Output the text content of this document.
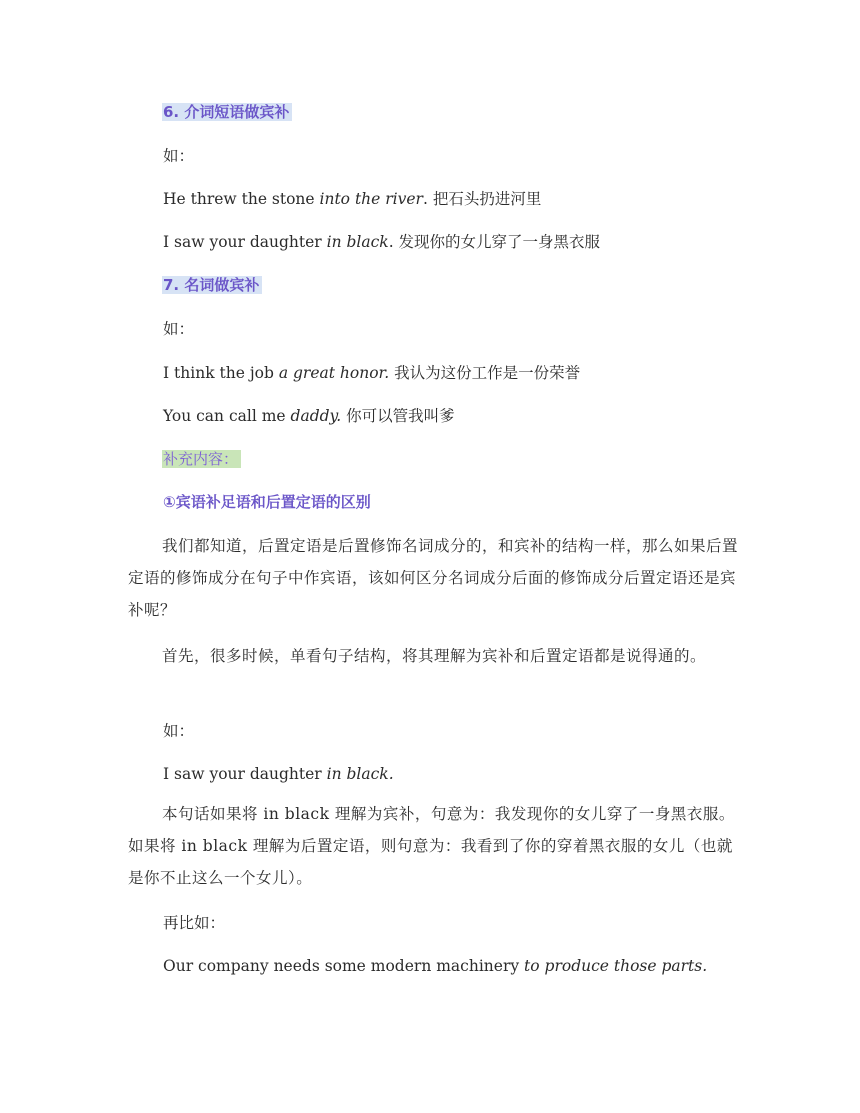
6. 介词短语做宾补
如：
He threw the stone into the river. 把石头扔进河里
I saw your daughter in black. 发现你的女儿穿了一身黑衣服
7. 名词做宾补
如：
I think the job a great honor. 我认为这份工作是一份荣誉
You can call me daddy. 你可以管我叫爹
补充内容：
①宾语补足语和后置定语的区别
我们都知道，后置定语是后置修饰名词成分的，和宾补的结构一样，那么如果后置定语的修饰成分在句子中作宾语，该如何区分名词成分后面的修饰成分后置定语还是宾补呢？
首先，很多时候，单看句子结构，将其理解为宾补和后置定语都是说得通的。
如：
I saw your daughter in black.
本句话如果将 in black 理解为宾补，句意为：我发现你的女儿穿了一身黑衣服。如果将 in black 理解为后置定语，则句意为：我看到了你的穿着黑衣服的女儿（也就是你不止这么一个女儿）。
再比如：
Our company needs some modern machinery to produce those parts.
